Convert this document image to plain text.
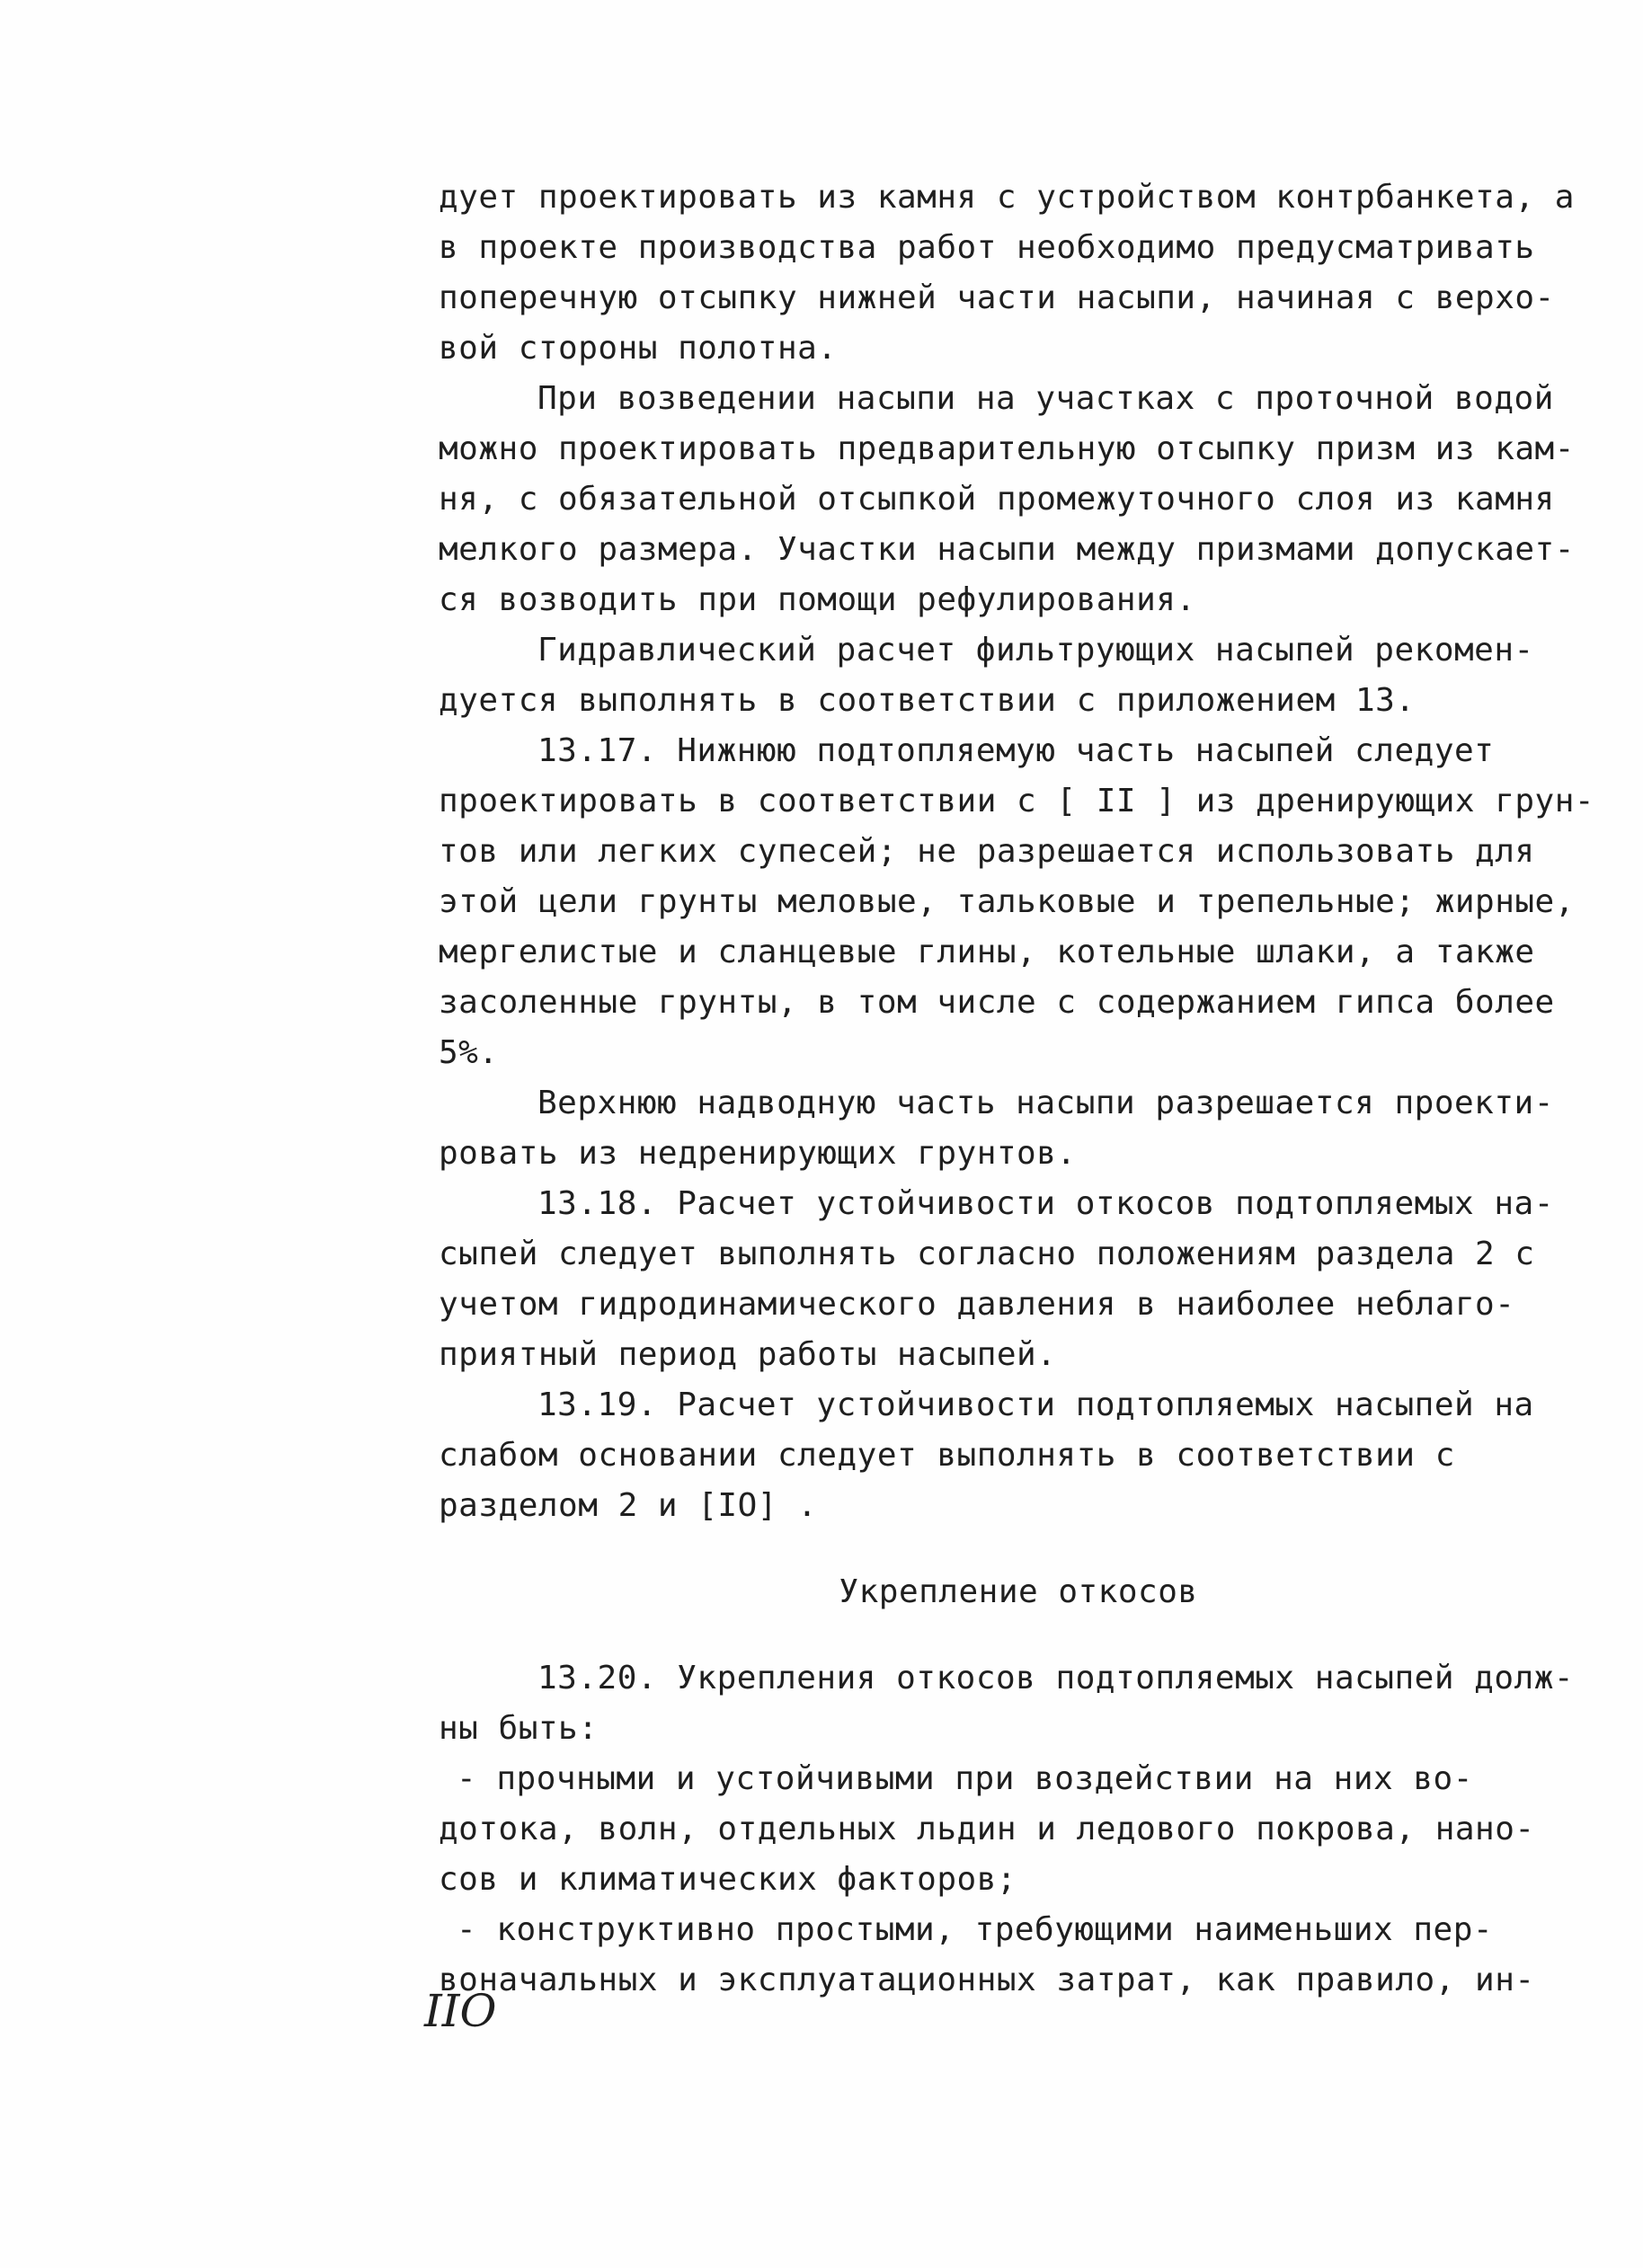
дует проектировать из камня с устройством контрбанкета, а
в проекте производства работ необходимо предусматривать
поперечную отсыпку нижней части насыпи, начиная с верхо-
вой стороны полотна.
При возведении насыпи на участках с проточной водой
можно проектировать предварительную отсыпку призм из кам-
ня, с обязательной отсыпкой промежуточного слоя из камня
мелкого размера. Участки насыпи между призмами допускает-
ся возводить при помощи рефулирования.
Гидравлический расчет фильтрующих насыпей рекомен-
дуется выполнять в соответствии с приложением 13.
13.17. Нижнюю подтопляемую часть насыпей следует
проектировать в соответствии с [ II ] из дренирующих грун-
тов или легких супесей; не разрешается использовать для
этой цели грунты меловые, тальковые и трепельные; жирные,
мергелистые и сланцевые глины, котельные шлаки, а также
засоленные грунты, в том числе с содержанием гипса более
5%.
Верхнюю надводную часть насыпи разрешается проекти-
ровать из недренирующих грунтов.
13.18. Расчет устойчивости откосов подтопляемых на-
сыпей следует выполнять согласно положениям раздела 2 с
учетом гидродинамического давления в наиболее неблаго-
приятный период работы насыпей.
13.19. Расчет устойчивости подтопляемых насыпей на
слабом основании следует выполнять в соответствии с
разделом 2 и [IO] .
Укрепление откосов
13.20. Укрепления откосов подтопляемых насыпей долж-
ны быть:
- прочными и устойчивыми при воздействии на них во-
дотока, волн, отдельных льдин и ледового покрова, нано-
сов и климатических факторов;
- конструктивно простыми, требующими наименьших пер-
воначальных и эксплуатационных затрат, как правило, ин-
IIO
